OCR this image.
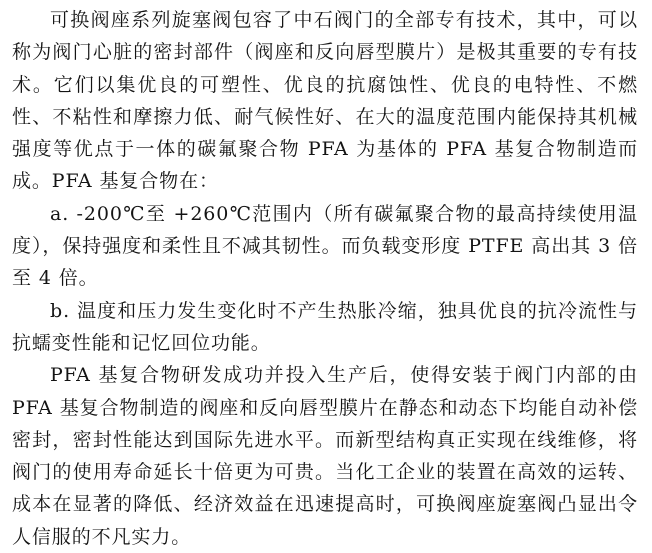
可换阀座系列旋塞阀包容了中石阀门的全部专有技术，其中，可以称为阀门心脏的密封部件（阀座和反向唇型膜片）是极其重要的专有技术。它们以集优良的可塑性、优良的抗腐蚀性、优良的电特性、不燃性、不粘性和摩擦力低、耐气候性好、在大的温度范围内能保持其机械强度等优点于一体的碳氟聚合物 PFA 为基体的 PFA 基复合物制造而成。PFA 基复合物在：

a. -200℃至 +260℃范围内（所有碳氟聚合物的最高持续使用温度），保持强度和柔性且不减其韧性。而负载变形度 PTFE 高出其 3 倍至 4 倍。

b. 温度和压力发生变化时不产生热胀冷缩，独具优良的抗冷流性与抗蠕变性能和记忆回位功能。

PFA 基复合物研发成功并投入生产后，使得安装于阀门内部的由 PFA 基复合物制造的阀座和反向唇型膜片在静态和动态下均能自动补偿密封，密封性能达到国际先进水平。而新型结构真正实现在线维修，将阀门的使用寿命延长十倍更为可贵。当化工企业的装置在高效的运转、成本在显著的降低、经济效益在迅速提高时，可换阀座旋塞阀凸显出令人信服的不凡实力。
